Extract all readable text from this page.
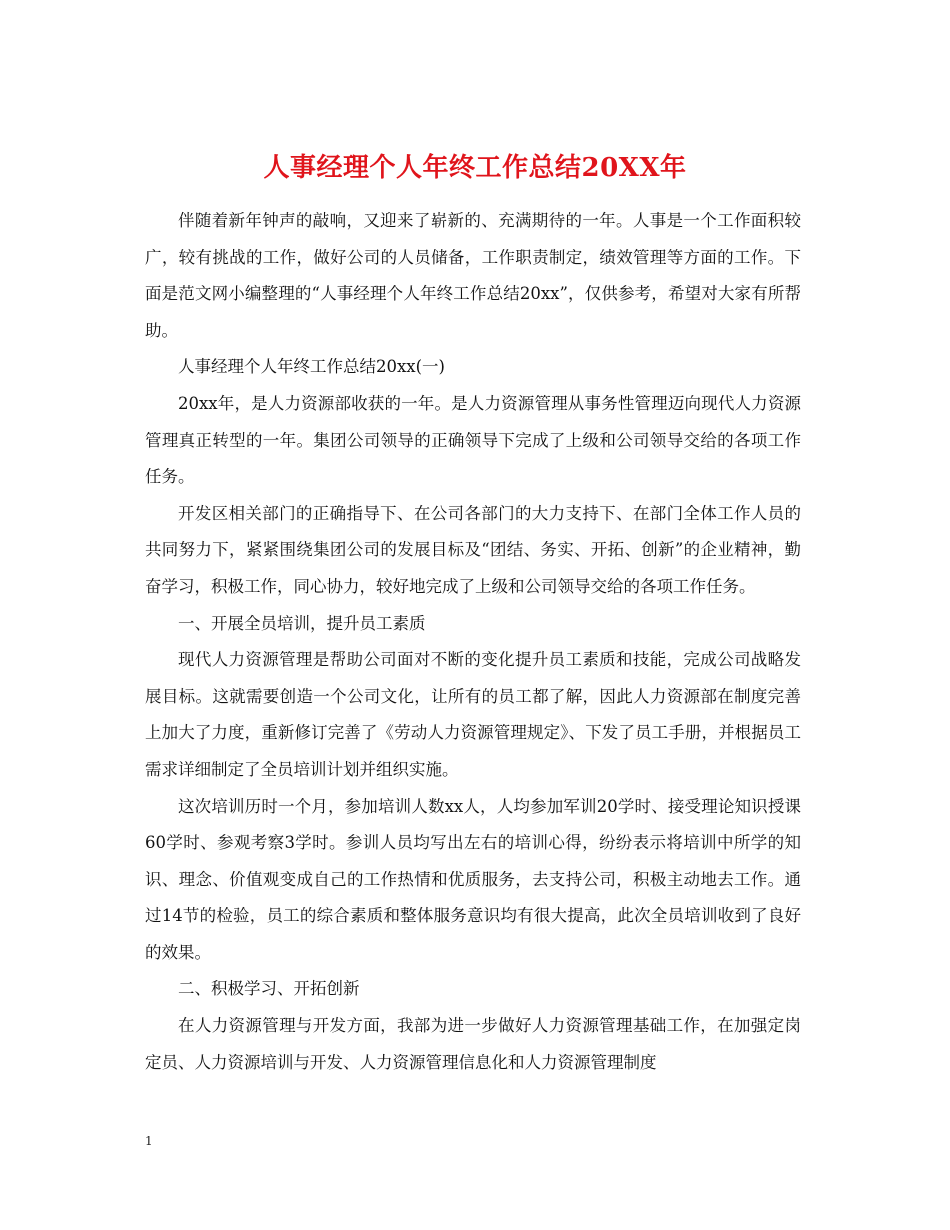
人事经理个人年终工作总结20XX年

伴随着新年钟声的敲响，又迎来了崭新的、充满期待的一年。人事是一个工作面积较广，较有挑战的工作，做好公司的人员储备，工作职责制定，绩效管理等方面的工作。下面是范文网小编整理的“人事经理个人年终工作总结20xx”，仅供参考，希望对大家有所帮助。

人事经理个人年终工作总结20xx(一)

20xx年，是人力资源部收获的一年。是人力资源管理从事务性管理迈向现代人力资源管理真正转型的一年。集团公司领导的正确领导下完成了上级和公司领导交给的各项工作任务。

开发区相关部门的正确指导下、在公司各部门的大力支持下、在部门全体工作人员的共同努力下，紧紧围绕集团公司的发展目标及“团结、务实、开拓、创新”的企业精神，勤奋学习，积极工作，同心协力，较好地完成了上级和公司领导交给的各项工作任务。

一、开展全员培训，提升员工素质

现代人力资源管理是帮助公司面对不断的变化提升员工素质和技能，完成公司战略发展目标。这就需要创造一个公司文化，让所有的员工都了解，因此人力资源部在制度完善上加大了力度，重新修订完善了《劳动人力资源管理规定》、下发了员工手册，并根据员工需求详细制定了全员培训计划并组织实施。

这次培训历时一个月，参加培训人数xx人，人均参加军训20学时、接受理论知识授课60学时、参观考察3学时。参训人员均写出左右的培训心得，纷纷表示将培训中所学的知识、理念、价值观变成自己的工作热情和优质服务，去支持公司，积极主动地去工作。通过14节的检验，员工的综合素质和整体服务意识均有很大提高，此次全员培训收到了良好的效果。

二、积极学习、开拓创新

在人力资源管理与开发方面，我部为进一步做好人力资源管理基础工作，在加强定岗定员、人力资源培训与开发、人力资源管理信息化和人力资源管理制度

1
